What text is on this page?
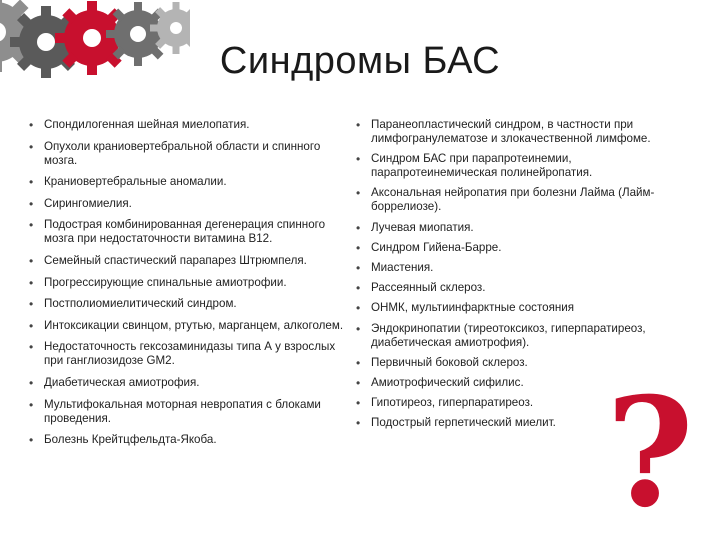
Синдромы БАС
• Спондилогенная шейная миелопатия.
• Опухоли краниовертебральной области и спинного мозга.
• Краниовертебральные аномалии.
• Сирингомиелия.
• Подострая комбинированная дегенерация спинного мозга при недостаточности витамина В12.
• Семейный спастический парапарез Штрюмпеля.
• Прогрессирующие спинальные амиотрофии.
• Постполиомиелитический синдром.
• Интоксикации свинцом, ртутью, марганцем, алкоголем.
• Недостаточность гексозаминидазы типа А у взрослых при ганглиозидозе GM2.
• Диабетическая амиотрофия.
• Мультифокальная моторная невропатия с блоками проведения.
• Болезнь Крейтцфельдта-Якоба.
• Паранеопластический синдром, в частности при лимфогранулематозе и злокачественной лимфоме.
• Синдром БАС при парапротеинемии, парапротеинемическая полинейропатия.
• Аксональная нейропатия при болезни Лайма (Лайм-боррелиозе).
• Лучевая миопатия.
• Синдром Гийена-Барре.
• Миастения.
• Рассеянный склероз.
• ОНМК, мультиинфарктные состояния
• Эндокринопатии (тиреотоксикоз, гиперпаратиреоз, диабетическая амиотрофия).
• Первичный боковой склероз.
• Амиотрофический сифилис.
• Гипотиреоз, гиперпаратиреоз.
• Подострый герпетический миелит. ?
